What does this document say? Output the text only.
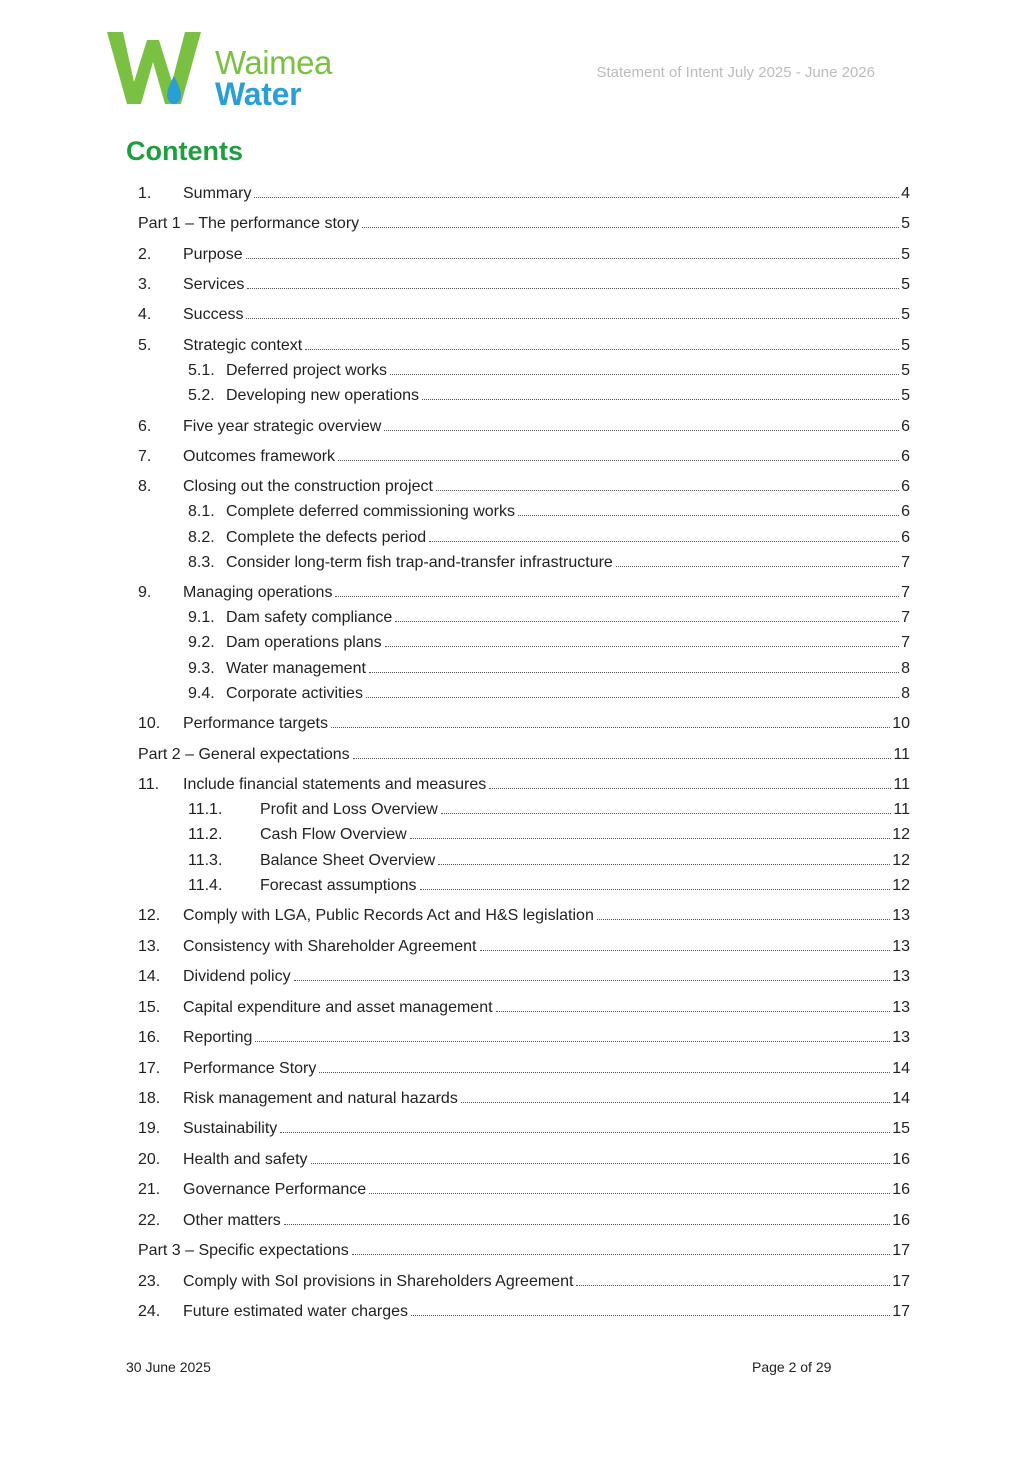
Waimea
Water
Statement of Intent July 2025 - June 2026
Contents
1.	Summary	4
Part 1 – The performance story	5
2.	Purpose	5
3.	Services	5
4.	Success	5
5.	Strategic context	5
5.1. Deferred project works	5
5.2. Developing new operations	5
6.	Five year strategic overview	6
7.	Outcomes framework	6
8.	Closing out the construction project	6
8.1. Complete deferred commissioning works	6
8.2. Complete the defects period	6
8.3. Consider long-term fish trap-and-transfer infrastructure	7
9.	Managing operations	7
9.1. Dam safety compliance	7
9.2. Dam operations plans	7
9.3. Water management	8
9.4. Corporate activities	8
10.	Performance targets	10
Part 2 – General expectations	11
11.	Include financial statements and measures	11
11.1.	Profit and Loss Overview	11
11.2.	Cash Flow Overview	12
11.3.	Balance Sheet Overview	12
11.4.	Forecast assumptions	12
12.	Comply with LGA, Public Records Act and H&S legislation	13
13.	Consistency with Shareholder Agreement	13
14.	Dividend policy	13
15.	Capital expenditure and asset management	13
16.	Reporting	13
17.	Performance Story	14
18.	Risk management and natural hazards	14
19.	Sustainability	15
20.	Health and safety	16
21.	Governance Performance	16
22.	Other matters	16
Part 3 – Specific expectations	17
23.	Comply with SoI provisions in Shareholders Agreement	17
24.	Future estimated water charges	17
30 June 2025	Page 2 of 29
